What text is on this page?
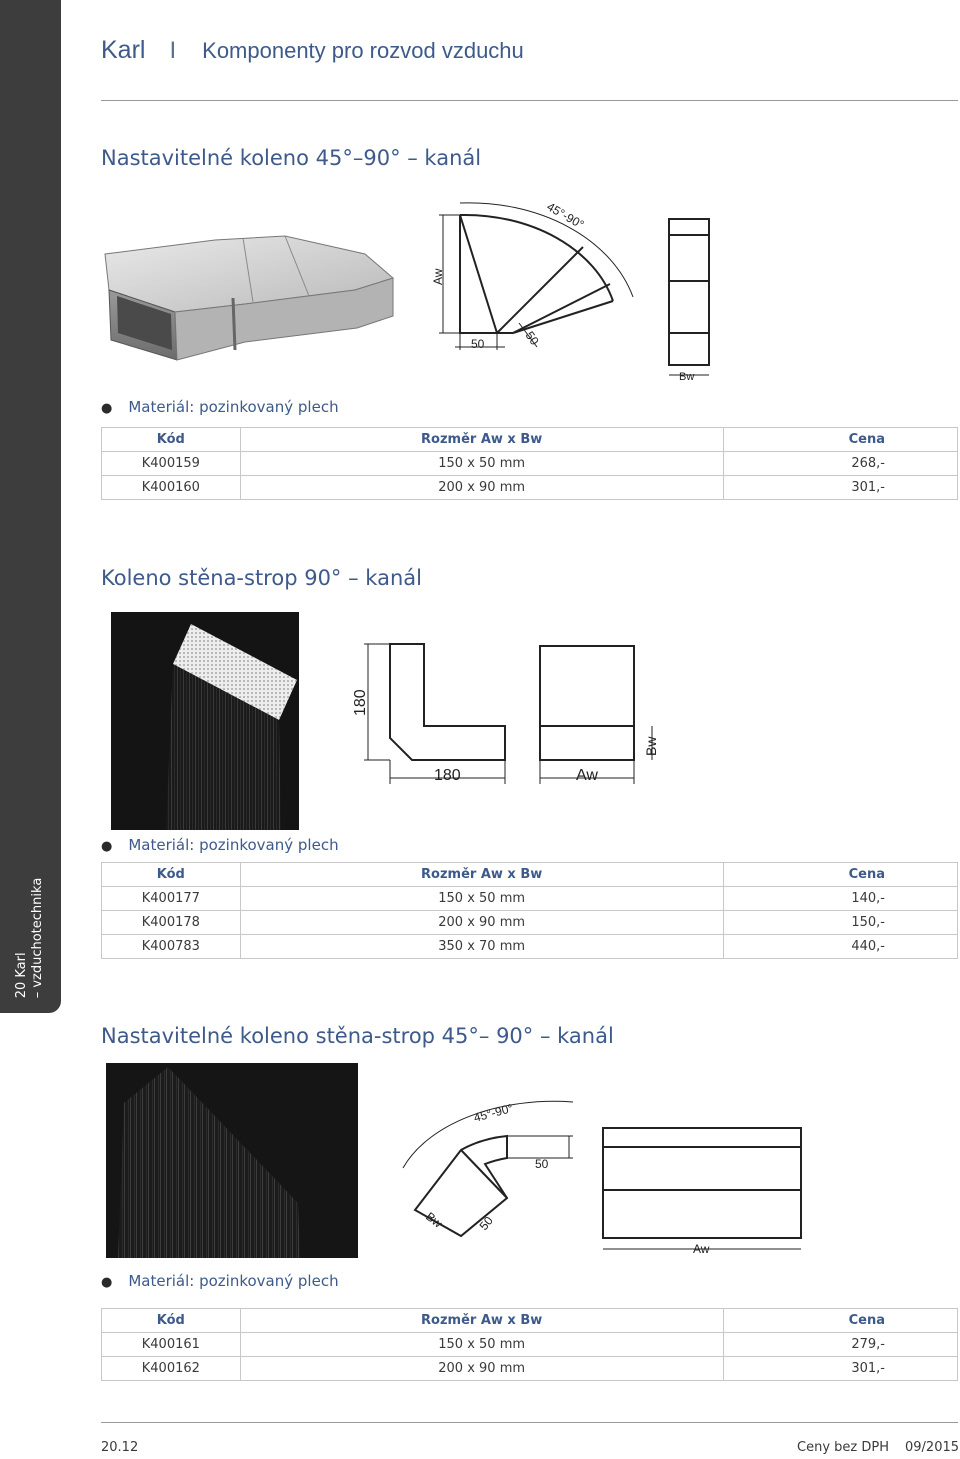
20 Karl – vzduchotechnika
Karl I Komponenty pro rozvod vzduchu
Nastavitelné koleno 45°–90° – kanál
Aw
45°-90°
50	50
Bw
● Materiál: pozinkovaný plech
Kód	Rozměr Aw x Bw	Cena
K400159	150 x 50 mm	268,-
K400160	200 x 90 mm	301,-
Koleno stěna-strop 90° – kanál
180
180	Aw
Bw
● Materiál: pozinkovaný plech
Kód	Rozměr Aw x Bw	Cena
K400177	150 x 50 mm	140,-
K400178	200 x 90 mm	150,-
K400783	350 x 70 mm	440,-
Nastavitelné koleno stěna-strop 45°– 90° – kanál
45°-90°
50
Bw	50
Aw
● Materiál: pozinkovaný plech
Kód	Rozměr Aw x Bw	Cena
K400161	150 x 50 mm	279,-
K400162	200 x 90 mm	301,-
20.12	Ceny bez DPH 09/2015
